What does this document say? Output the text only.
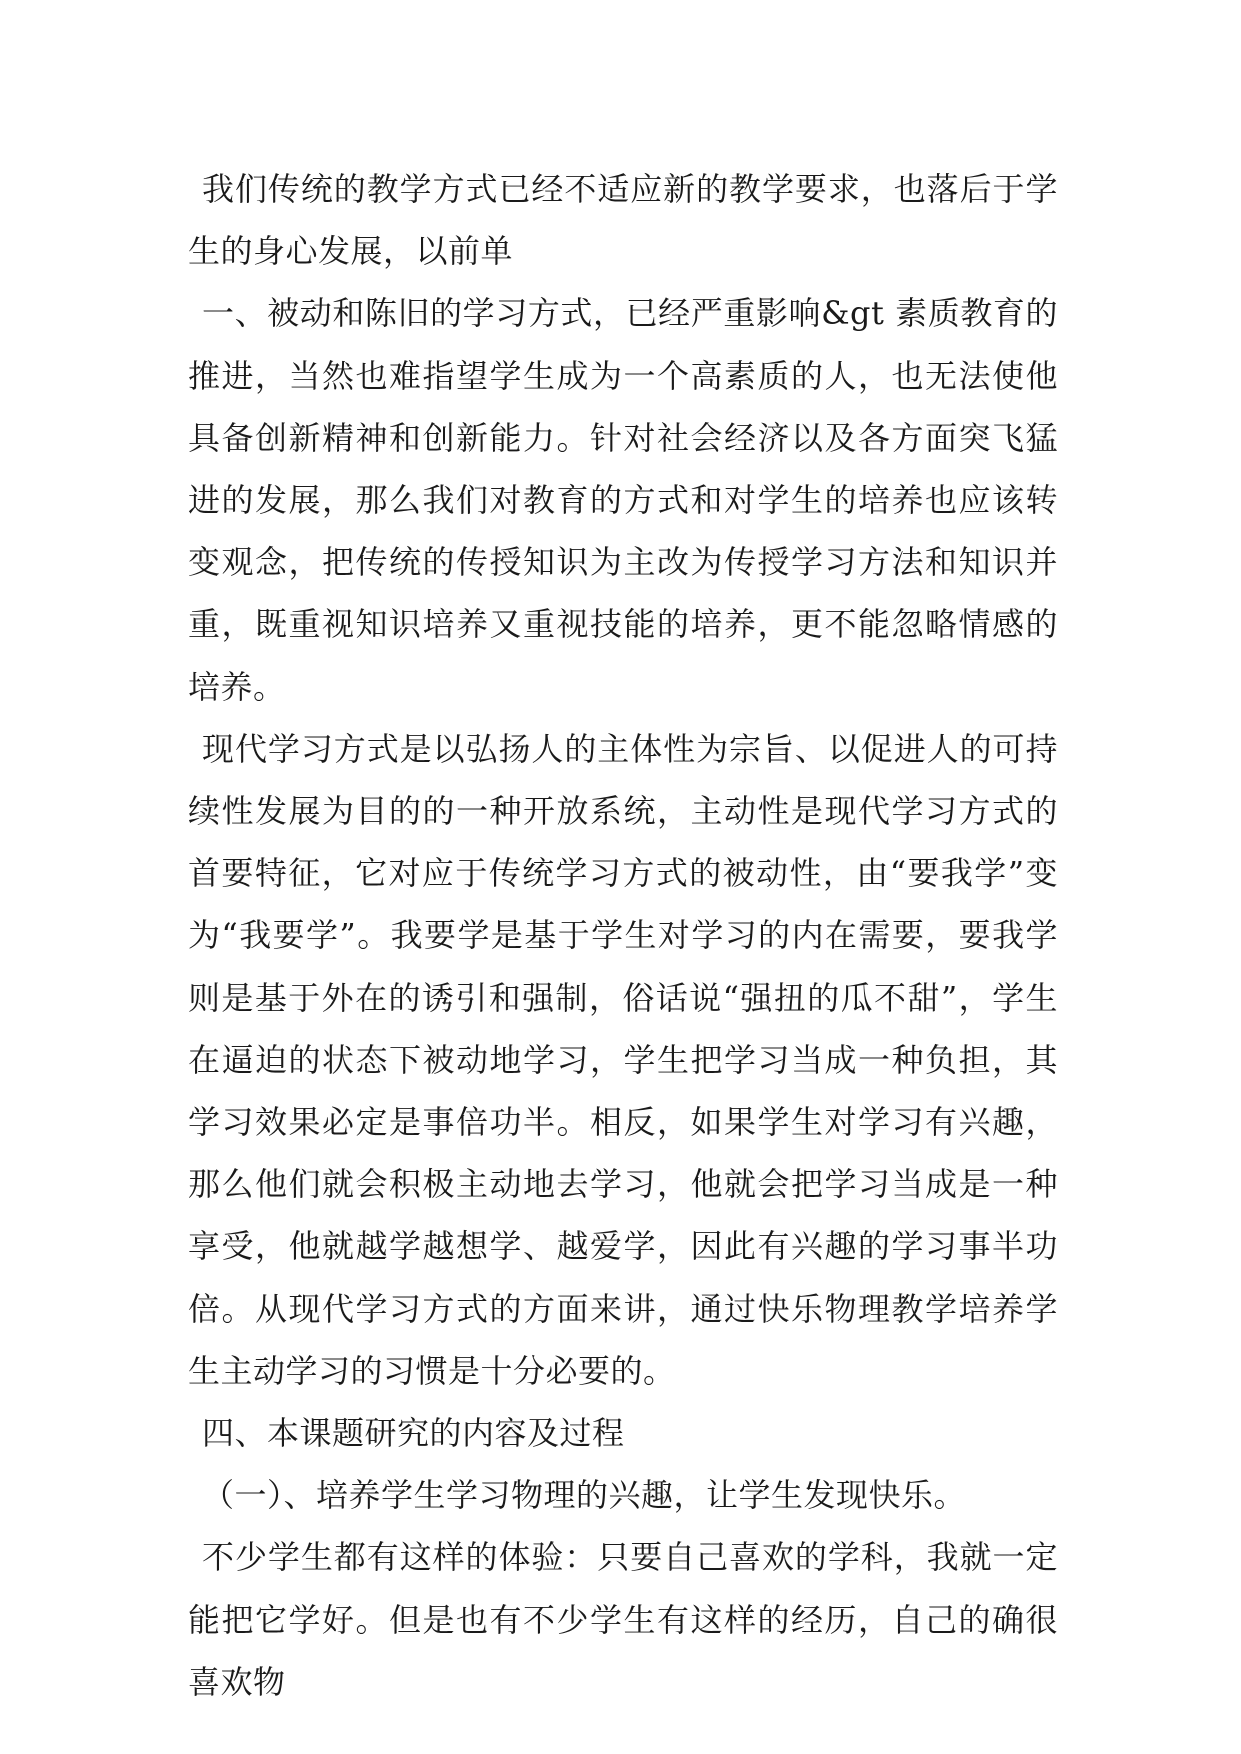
我们传统的教学方式已经不适应新的教学要求，也落后于学生的身心发展，以前单

一、被动和陈旧的学习方式，已经严重影响&gt 素质教育的推进，当然也难指望学生成为一个高素质的人，也无法使他具备创新精神和创新能力。针对社会经济以及各方面突飞猛进的发展，那么我们对教育的方式和对学生的培养也应该转变观念，把传统的传授知识为主改为传授学习方法和知识并重，既重视知识培养又重视技能的培养，更不能忽略情感的培养。

现代学习方式是以弘扬人的主体性为宗旨、以促进人的可持续性发展为目的的一种开放系统，主动性是现代学习方式的首要特征，它对应于传统学习方式的被动性，由“要我学”变为“我要学”。我要学是基于学生对学习的内在需要，要我学则是基于外在的诱引和强制，俗话说“强扭的瓜不甜”，学生在逼迫的状态下被动地学习，学生把学习当成一种负担，其学习效果必定是事倍功半。相反，如果学生对学习有兴趣，那么他们就会积极主动地去学习，他就会把学习当成是一种享受，他就越学越想学、越爱学，因此有兴趣的学习事半功倍。从现代学习方式的方面来讲，通过快乐物理教学培养学生主动学习的习惯是十分必要的。

四、本课题研究的内容及过程

（一）、培养学生学习物理的兴趣，让学生发现快乐。

不少学生都有这样的体验：只要自己喜欢的学科，我就一定能把它学好。但是也有不少学生有这样的经历，自己的确很喜欢物
